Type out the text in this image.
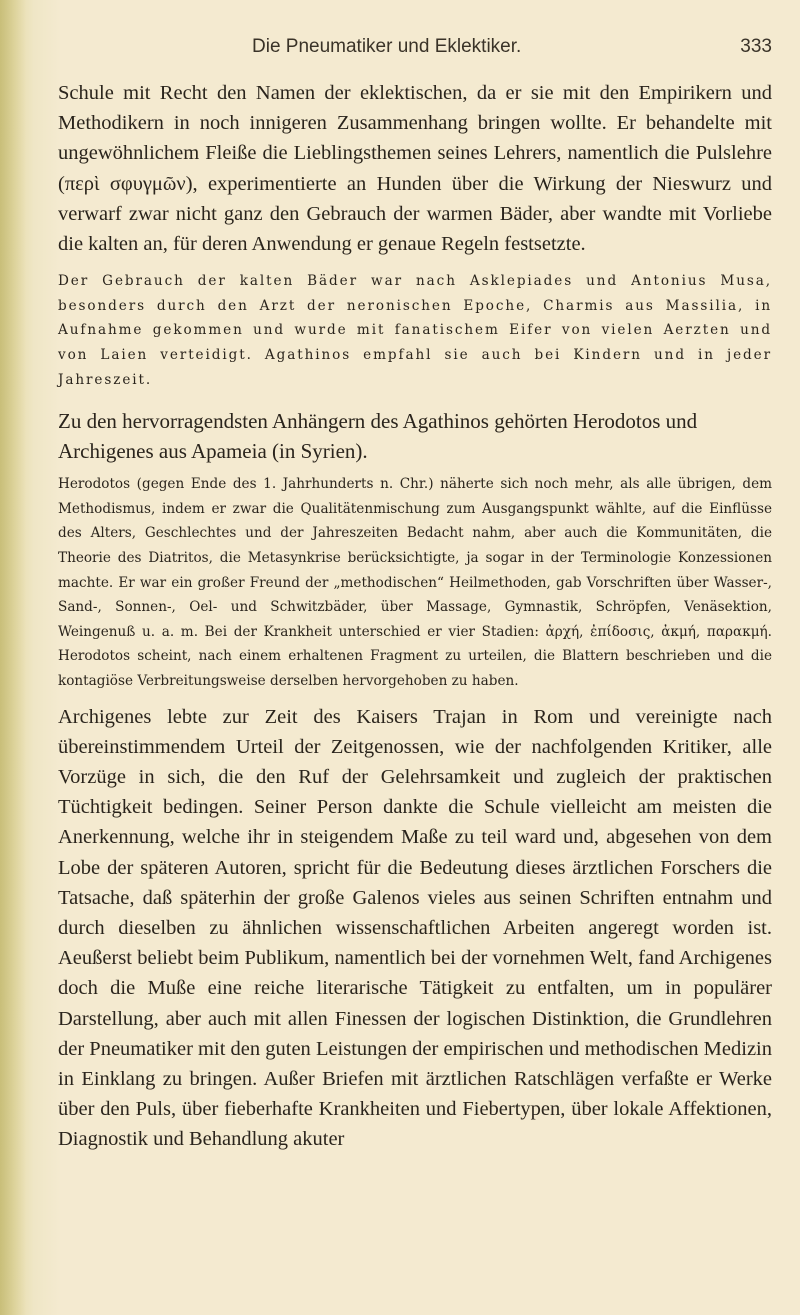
Die Pneumatiker und Eklektiker.	333

Schule mit Recht den Namen der eklektischen, da er sie mit den Empirikern und Methodikern in noch innigeren Zusammenhang bringen wollte. Er behandelte mit ungewöhnlichem Fleiße die Lieblingsthemen seines Lehrers, namentlich die Pulslehre (περὶ σφυγμῶν), experimentierte an Hunden über die Wirkung der Nieswurz und verwarf zwar nicht ganz den Gebrauch der warmen Bäder, aber wandte mit Vorliebe die kalten an, für deren Anwendung er genaue Regeln festsetzte.

Der Gebrauch der kalten Bäder war nach Asklepiades und Antonius Musa, besonders durch den Arzt der neronischen Epoche, Charmis aus Massilia, in Aufnahme gekommen und wurde mit fanatischem Eifer von vielen Aerzten und von Laien verteidigt. Agathinos empfahl sie auch bei Kindern und in jeder Jahreszeit.

Zu den hervorragendsten Anhängern des Agathinos gehörten Herodotos und Archigenes aus Apameia (in Syrien).

Herodotos (gegen Ende des 1. Jahrhunderts n. Chr.) näherte sich noch mehr, als alle übrigen, dem Methodismus, indem er zwar die Qualitätenmischung zum Ausgangspunkt wählte, auf die Einflüsse des Alters, Geschlechtes und der Jahreszeiten Bedacht nahm, aber auch die Kommunitäten, die Theorie des Diatritos, die Metasynkrise berücksichtigte, ja sogar in der Terminologie Konzessionen machte. Er war ein großer Freund der „methodischen“ Heilmethoden, gab Vorschriften über Wasser-, Sand-, Sonnen-, Oel- und Schwitzbäder, über Massage, Gymnastik, Schröpfen, Venäsektion, Weingenuß u. a. m. Bei der Krankheit unterschied er vier Stadien: ἀρχή, ἐπίδοσις, ἀκμή, παρακμή. Herodotos scheint, nach einem erhaltenen Fragment zu urteilen, die Blattern beschrieben und die kontagiöse Verbreitungsweise derselben hervorgehoben zu haben.

Archigenes lebte zur Zeit des Kaisers Trajan in Rom und vereinigte nach übereinstimmendem Urteil der Zeitgenossen, wie der nachfolgenden Kritiker, alle Vorzüge in sich, die den Ruf der Gelehrsamkeit und zugleich der praktischen Tüchtigkeit bedingen. Seiner Person dankte die Schule vielleicht am meisten die Anerkennung, welche ihr in steigendem Maße zu teil ward und, abgesehen von dem Lobe der späteren Autoren, spricht für die Bedeutung dieses ärztlichen Forschers die Tatsache, daß späterhin der große Galenos vieles aus seinen Schriften entnahm und durch dieselben zu ähnlichen wissenschaftlichen Arbeiten angeregt worden ist. Aeußerst beliebt beim Publikum, namentlich bei der vornehmen Welt, fand Archigenes doch die Muße eine reiche literarische Tätigkeit zu entfalten, um in populärer Darstellung, aber auch mit allen Finessen der logischen Distinktion, die Grundlehren der Pneumatiker mit den guten Leistungen der empirischen und methodischen Medizin in Einklang zu bringen. Außer Briefen mit ärztlichen Ratschlägen verfaßte er Werke über den Puls, über fieberhafte Krankheiten und Fiebertypen, über lokale Affektionen, Diagnostik und Behandlung akuter
